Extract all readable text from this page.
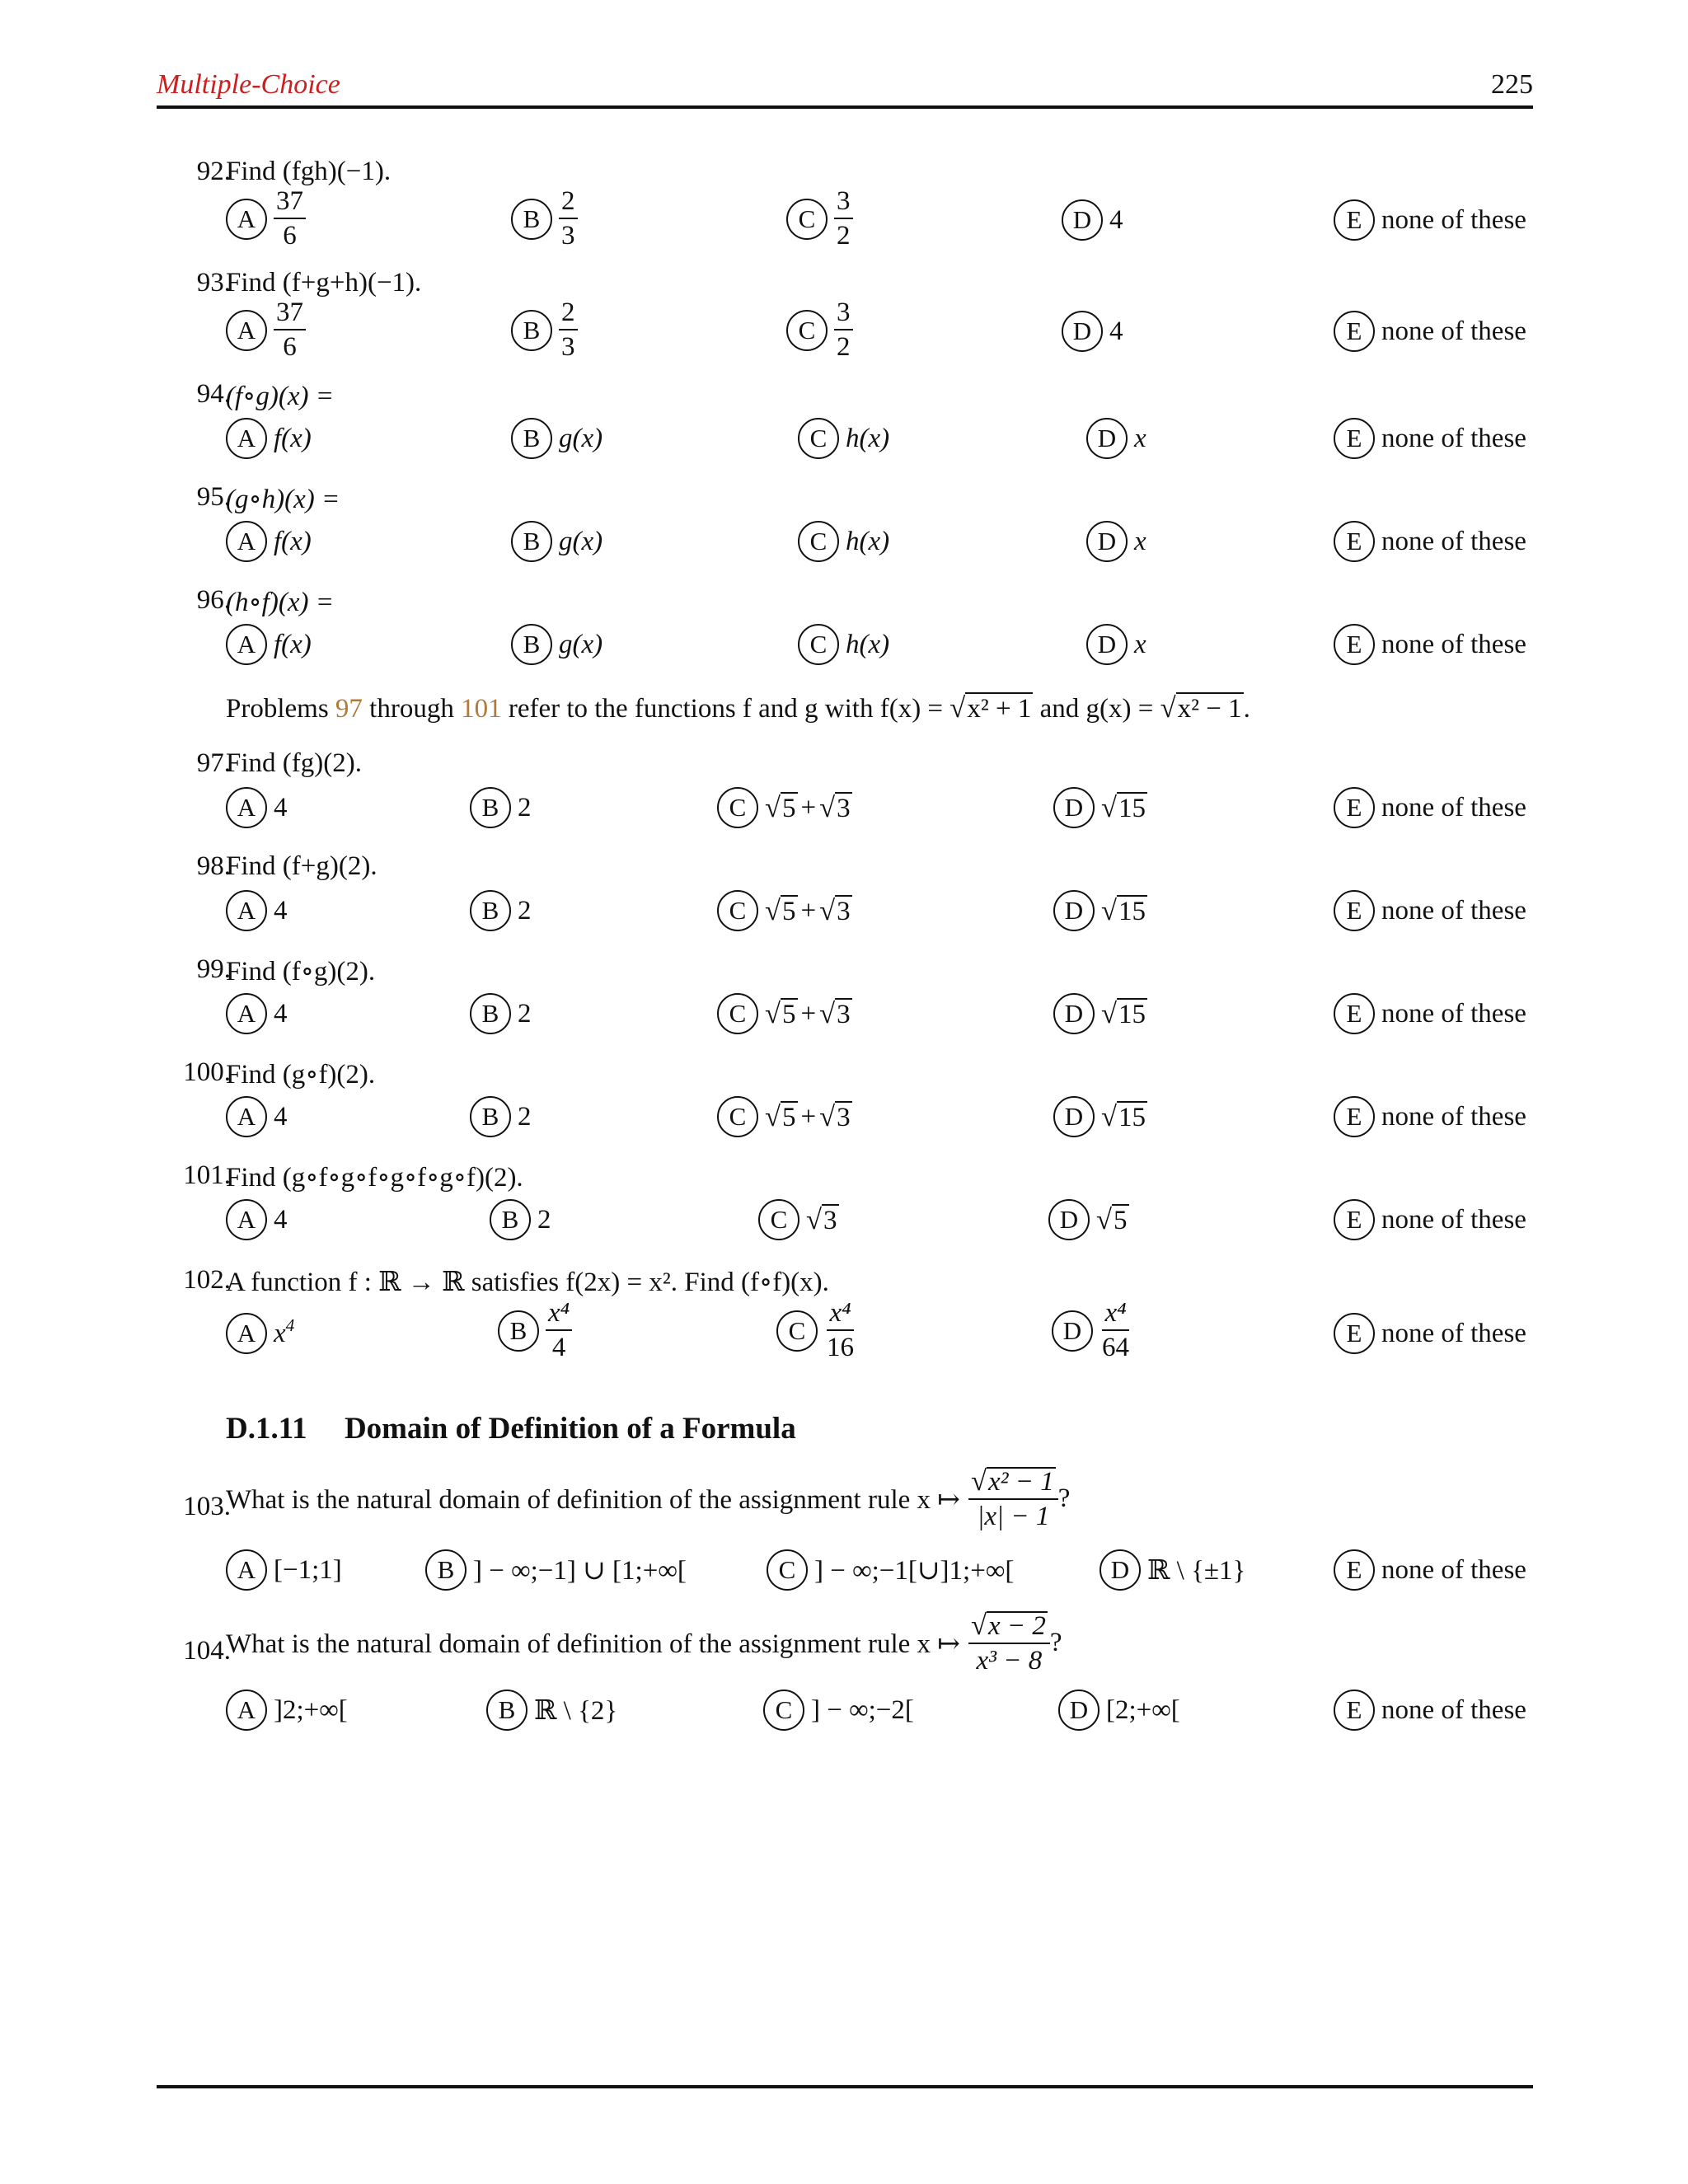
Multiple-Choice	225
92.
Find (fgh)(−1).
A $\frac{37}{6}$	B $\frac{2}{3}$	C $\frac{3}{2}$	D 4	E none of these
93.
Find (f+g+h)(−1).
A $\frac{37}{6}$	B $\frac{2}{3}$	C $\frac{3}{2}$	D 4	E none of these
94.
(f∘g)(x) =
A f(x)	B g(x)	C h(x)	D x	E none of these
95.
(g∘h)(x) =
A f(x)	B g(x)	C h(x)	D x	E none of these
96.
(h∘f)(x) =
A f(x)	B g(x)	C h(x)	D x	E none of these
Problems 97 through 101 refer to the functions f and g with f(x) = √ x² + 1 and g(x) = √ x² − 1 .
97.
Find (fg)(2).
A 4	B 2	C √ 5 + √ 3	D √ 15	E none of these
98.
Find (f+g)(2).
A 4	B 2	C √ 5 + √ 3	D √ 15	E none of these
99.
Find (f∘g)(2).
A 4	B 2	C √ 5 + √ 3	D √ 15	E none of these
100.
Find (g∘f)(2).
A 4	B 2	C √ 5 + √ 3	D √ 15	E none of these
101.
Find (g∘f∘g∘f∘g∘f∘g∘f)(2).
A 4	B 2	C √ 3	D √ 5	E none of these
102.
A function f : ℝ → ℝ satisfies f(2x) = x². Find (f∘f)(x).
A $x^4$	B $\frac{\text{x⁴}}{4}$	C $\frac{\text{x⁴}}{16}$	D $\frac{\text{x⁴}}{64}$	E none of these
D.1.11 Domain of Definition of a Formula
103.
What is the natural domain of definition of the assignment rule x ↦ $\frac{\text{√ x² − 1}}{|x| - 1}$ ?
A [−1;1]	B ] − ∞;−1] ∪ [1;+∞[	C ] − ∞;−1[∪]1;+∞[	D ℝ \ {±1}	E none of these
104.
What is the natural domain of definition of the assignment rule x ↦ $\frac{√ x - 2}{\text{x³ − 8}}$ ?
A ]2;+∞[	B ℝ \ {2}	C ] − ∞;−2[	D [2;+∞[	E none of these
